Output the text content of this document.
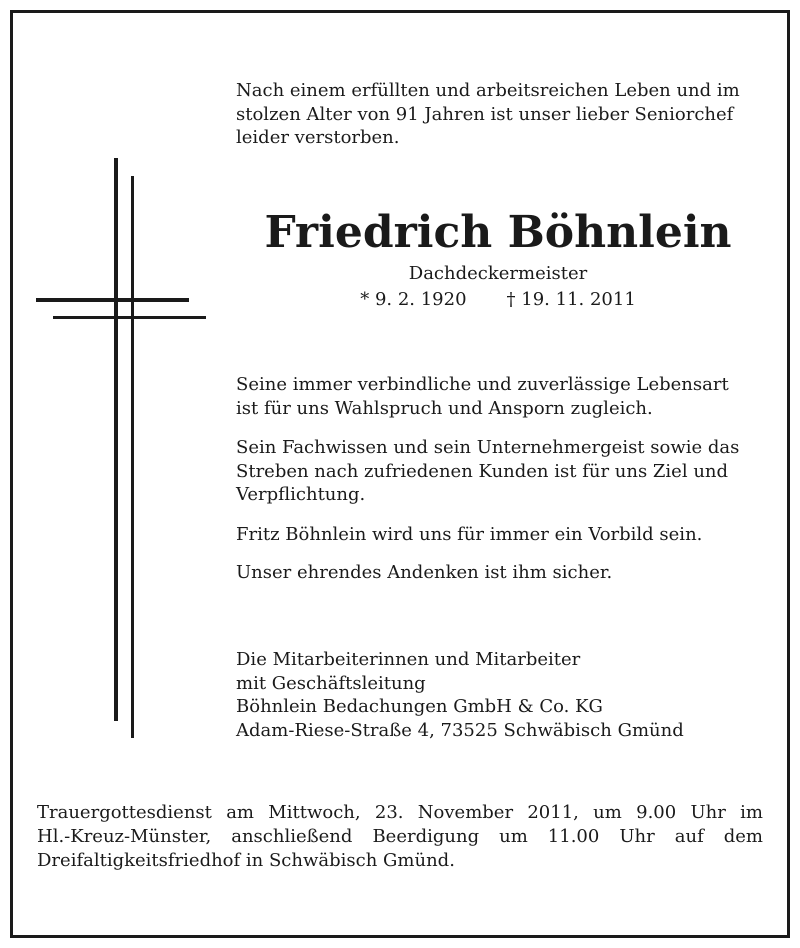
Nach einem erfüllten und arbeitsreichen Leben und im
stolzen Alter von 91 Jahren ist unser lieber Seniorchef
leider verstorben.
Friedrich Böhnlein
Dachdeckermeister
* 9. 2. 1920 † 19. 11. 2011
Seine immer verbindliche und zuverlässige Lebensart
ist für uns Wahlspruch und Ansporn zugleich.
Sein Fachwissen und sein Unternehmergeist sowie das
Streben nach zufriedenen Kunden ist für uns Ziel und
Verpflichtung.
Fritz Böhnlein wird uns für immer ein Vorbild sein.
Unser ehrendes Andenken ist ihm sicher.
Die Mitarbeiterinnen und Mitarbeiter
mit Geschäftsleitung
Böhnlein Bedachungen GmbH & Co. KG
Adam-Riese-Straße 4, 73525 Schwäbisch Gmünd
Trauergottesdienst am Mittwoch, 23. November 2011, um 9.00 Uhr im
Hl.-Kreuz-Münster, anschließend Beerdigung um 11.00 Uhr auf dem
Dreifaltigkeitsfriedhof in Schwäbisch Gmünd.
